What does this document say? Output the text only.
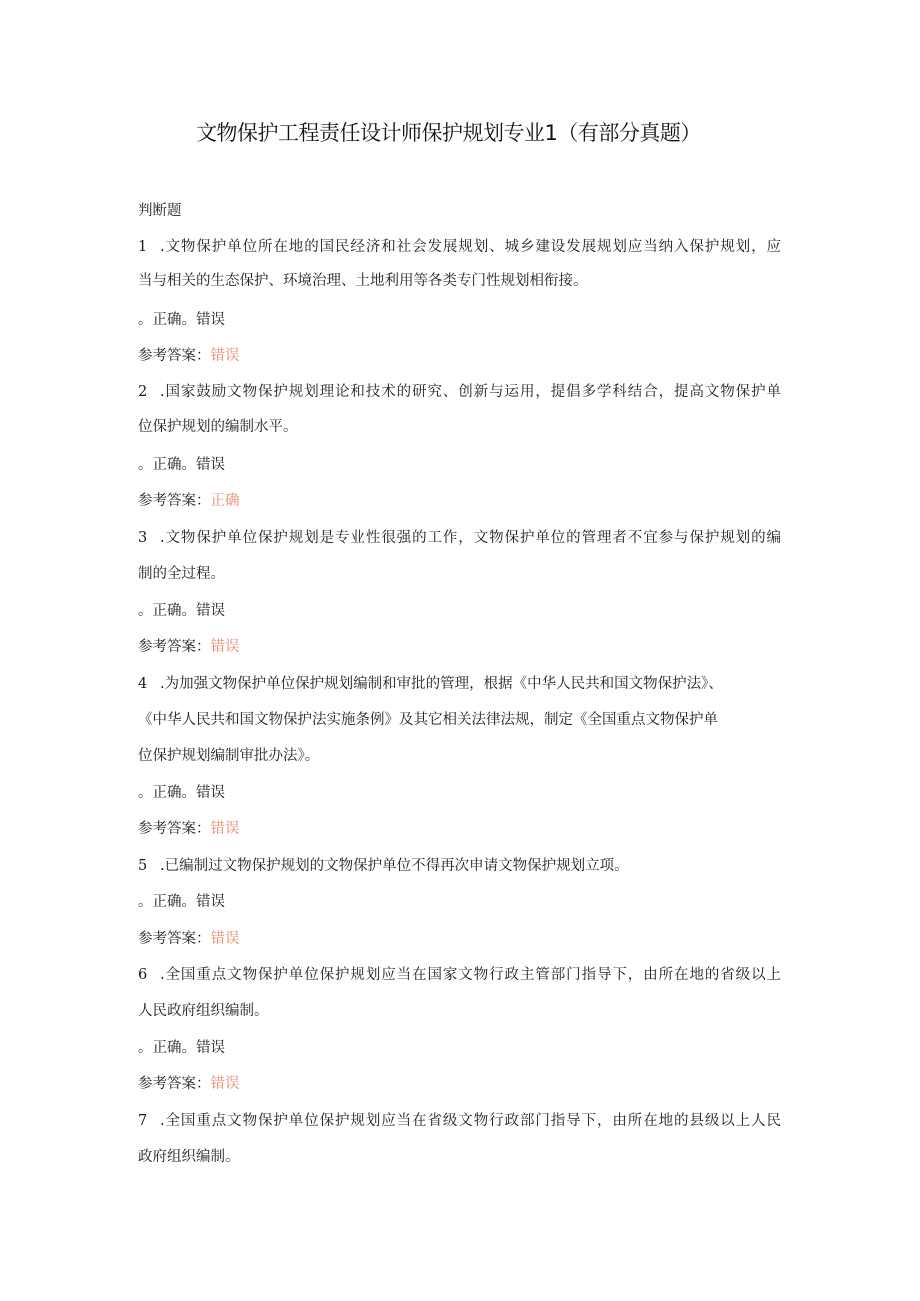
文物保护工程责任设计师保护规划专业1（有部分真题）
判断题
1 .文物保护单位所在地的国民经济和社会发展规划、城乡建设发展规划应当纳入保护规划，应
当与相关的生态保护、环境治理、土地利用等各类专门性规划相衔接。
。正确。错误
参考答案：错误
2 .国家鼓励文物保护规划理论和技术的研究、创新与运用，提倡多学科结合，提高文物保护单
位保护规划的编制水平。
。正确。错误
参考答案：正确
3 .文物保护单位保护规划是专业性很强的工作，文物保护单位的管理者不宜参与保护规划的编
制的全过程。
。正确。错误
参考答案：错误
4 .为加强文物保护单位保护规划编制和审批的管理，根据《中华人民共和国文物保护法》、
《中华人民共和国文物保护法实施条例》及其它相关法律法规，制定《全国重点文物保护单
位保护规划编制审批办法》。
。正确。错误
参考答案：错误
5 .已编制过文物保护规划的文物保护单位不得再次申请文物保护规划立项。
。正确。错误
参考答案：错误
6 .全国重点文物保护单位保护规划应当在国家文物行政主管部门指导下，由所在地的省级以上
人民政府组织编制。
。正确。错误
参考答案：错误
7 .全国重点文物保护单位保护规划应当在省级文物行政部门指导下，由所在地的县级以上人民
政府组织编制。
